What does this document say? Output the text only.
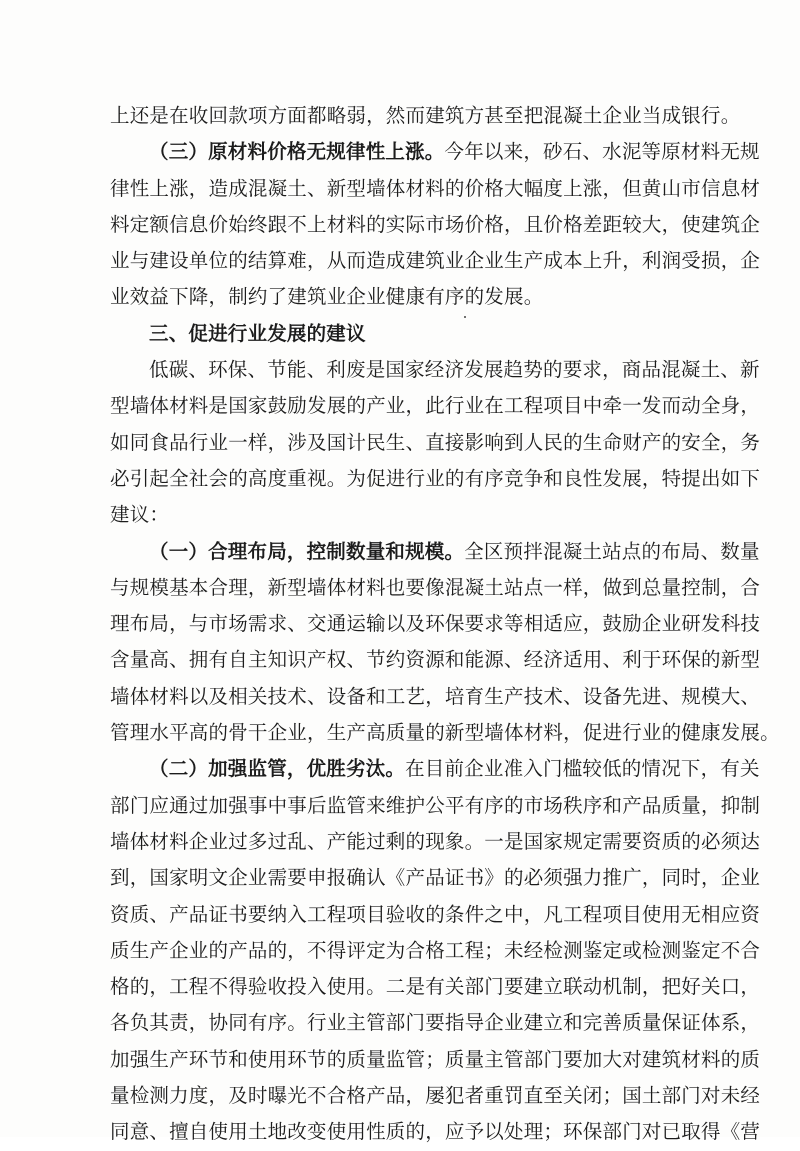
上还是在收回款项方面都略弱，然而建筑方甚至把混凝土企业当成银行。
（三）原材料价格无规律性上涨。今年以来，砂石、水泥等原材料无规
律性上涨，造成混凝土、新型墙体材料的价格大幅度上涨，但黄山市信息材
料定额信息价始终跟不上材料的实际市场价格，且价格差距较大，使建筑企
业与建设单位的结算难，从而造成建筑业企业生产成本上升，利润受损，企
业效益下降，制约了建筑业企业健康有序的发展。
三、促进行业发展的建议
低碳、环保、节能、利废是国家经济发展趋势的要求，商品混凝土、新
型墙体材料是国家鼓励发展的产业，此行业在工程项目中牵一发而动全身，
如同食品行业一样，涉及国计民生、直接影响到人民的生命财产的安全，务
必引起全社会的高度重视。为促进行业的有序竞争和良性发展，特提出如下
建议：
（一）合理布局，控制数量和规模。全区预拌混凝土站点的布局、数量
与规模基本合理，新型墙体材料也要像混凝土站点一样，做到总量控制，合
理布局，与市场需求、交通运输以及环保要求等相适应，鼓励企业研发科技
含量高、拥有自主知识产权、节约资源和能源、经济适用、利于环保的新型
墙体材料以及相关技术、设备和工艺，培育生产技术、设备先进、规模大、
管理水平高的骨干企业，生产高质量的新型墙体材料，促进行业的健康发展。
（二）加强监管，优胜劣汰。在目前企业准入门槛较低的情况下，有关
部门应通过加强事中事后监管来维护公平有序的市场秩序和产品质量，抑制
墙体材料企业过多过乱、产能过剩的现象。一是国家规定需要资质的必须达
到，国家明文企业需要申报确认《产品证书》的必须强力推广，同时，企业
资质、产品证书要纳入工程项目验收的条件之中，凡工程项目使用无相应资
质生产企业的产品的，不得评定为合格工程；未经检测鉴定或检测鉴定不合
格的，工程不得验收投入使用。二是有关部门要建立联动机制，把好关口，
各负其责，协同有序。行业主管部门要指导企业建立和完善质量保证体系，
加强生产环节和使用环节的质量监管；质量主管部门要加大对建筑材料的质
量检测力度，及时曝光不合格产品，屡犯者重罚直至关闭；国土部门对未经
同意、擅自使用土地改变使用性质的，应予以处理；环保部门对已取得《营
